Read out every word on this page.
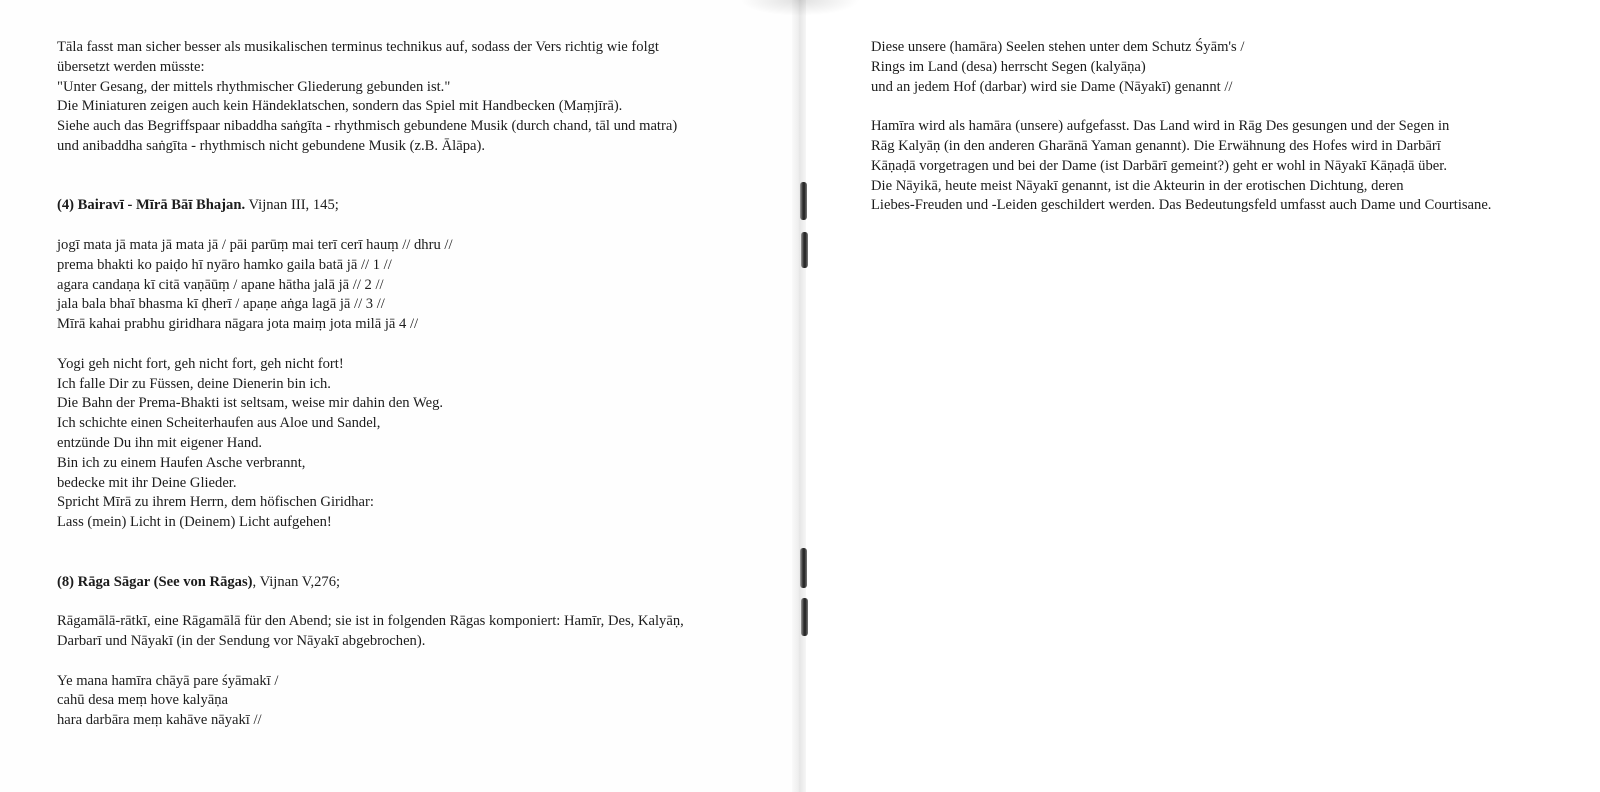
Tāla fasst man sicher besser als musikalischen terminus technikus auf, sodass der Vers richtig wie folgt
übersetzt werden müsste:
"Unter Gesang, der mittels rhythmischer Gliederung gebunden ist."
Die Miniaturen zeigen auch kein Händeklatschen, sondern das Spiel mit Handbecken (Maṃjīrā).
Siehe auch das Begriffspaar nibaddha saṅgīta - rhythmisch gebundene Musik (durch chand, tāl und matra)
und anibaddha saṅgīta - rhythmisch nicht gebundene Musik (z.B. Ālāpa).
(4) Bairavī - Mīrā Bāī Bhajan. Vijnan III, 145;
jogī mata jā mata jā mata jā / pāi parūṃ mai terī cerī hauṃ // dhru //
prema bhakti ko paiḍo hī nyāro hamko gaila batā jā // 1 //
agara candaṇa kī citā vaṇāūṃ / apane hātha jalā jā // 2 //
jala bala bhaī bhasma kī ḍherī / apaṇe aṅga lagā jā // 3 //
Mīrā kahai prabhu giridhara nāgara jota maiṃ jota milā jā 4 //
Yogi geh nicht fort, geh nicht fort, geh nicht fort!
Ich falle Dir zu Füssen, deine Dienerin bin ich.
Die Bahn der Prema-Bhakti ist seltsam, weise mir dahin den Weg.
Ich schichte einen Scheiterhaufen aus Aloe und Sandel,
entzünde Du ihn mit eigener Hand.
Bin ich zu einem Haufen Asche verbrannt,
bedecke mit ihr Deine Glieder.
Spricht Mīrā zu ihrem Herrn, dem höfischen Giridhar:
Lass (mein) Licht in (Deinem) Licht aufgehen!
(8) Rāga Sāgar (See von Rāgas), Vijnan V,276;
Rāgamālā-rātkī, eine Rāgamālā für den Abend; sie ist in folgenden Rāgas komponiert: Hamīr, Des, Kalyāṇ,
Darbarī und Nāyakī (in der Sendung vor Nāyakī abgebrochen).
Ye mana hamīra chāyā pare śyāmakī /
cahū desa meṃ hove kalyāṇa
hara darbāra meṃ kahāve nāyakī //
Diese unsere (hamāra) Seelen stehen unter dem Schutz Śyām's /
Rings im Land (desa) herrscht Segen (kalyāṇa)
und an jedem Hof (darbar) wird sie Dame (Nāyakī) genannt //
Hamīra wird als hamāra (unsere) aufgefasst. Das Land wird in Rāg Des gesungen und der Segen in
Rāg Kalyāṇ (in den anderen Gharānā Yaman genannt). Die Erwähnung des Hofes wird in Darbārī
Kāṇaḍā vorgetragen und bei der Dame (ist Darbārī gemeint?) geht er wohl in Nāyakī Kāṇaḍā über.
Die Nāyikā, heute meist Nāyakī genannt, ist die Akteurin in der erotischen Dichtung, deren
Liebes-Freuden und -Leiden geschildert werden. Das Bedeutungsfeld umfasst auch Dame und Courtisane.
